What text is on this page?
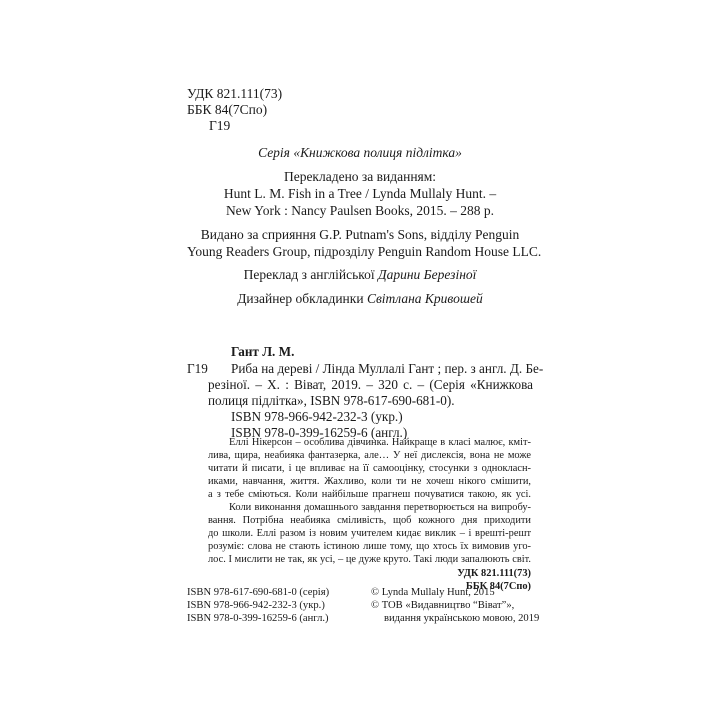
УДК 821.111(73)
ББК 84(7Спо)
Г19
Серія «Книжкова полиця підлітка»
Перекладено за виданням:
Hunt L. M. Fish in a Tree / Lynda Mullaly Hunt. –
New York : Nancy Paulsen Books, 2015. – 288 p.
Видано за сприяння G.P. Putnam's Sons, відділу Penguin
Young Readers Group, підрозділу Penguin Random House LLC.
Переклад з англійської Дарини Березіної
Дизайнер обкладинки Світлана Кривошей
Гант Л. М.
Г19 Риба на дереві / Лінда Муллалі Гант ; пер. з англ. Д. Бе-
резіної. – Х. : Віват, 2019. – 320 с. – (Серія «Книжкова
полиця підлітка», ISBN 978-617-690-681-0).
ISBN 978-966-942-232-3 (укр.)
ISBN 978-0-399-16259-6 (англ.)
Еллі Нікерсон – особлива дівчинка. Найкраще в класі малює, кміт-
лива, щира, неабияка фантазерка, але… У неї дислексія, вона не може
читати й писати, і це впливає на її самооцінку, стосунки з однокласн-
иками, навчання, життя. Жахливо, коли ти не хочеш нікого смішити,
а з тебе сміються. Коли найбільше прагнеш почуватися такою, як усі.
Коли виконання домашнього завдання перетворюється на випробу-
вання. Потрібна неабияка сміливість, щоб кожного дня приходити
до школи. Еллі разом із новим учителем кидає виклик – і врешті-решт
розуміє: слова не стають істиною лише тому, що хтось їх вимовив уго-
лос. І мислити не так, як усі, – це дуже круто. Такі люди запалюють світ.
УДК 821.111(73)
ББК 84(7Спо)
ISBN 978-617-690-681-0 (серія)
ISBN 978-966-942-232-3 (укр.)
ISBN 978-0-399-16259-6 (англ.)
© Lynda Mullaly Hunt, 2015
© ТОВ «Видавництво “Віват”»,
видання українською мовою, 2019
